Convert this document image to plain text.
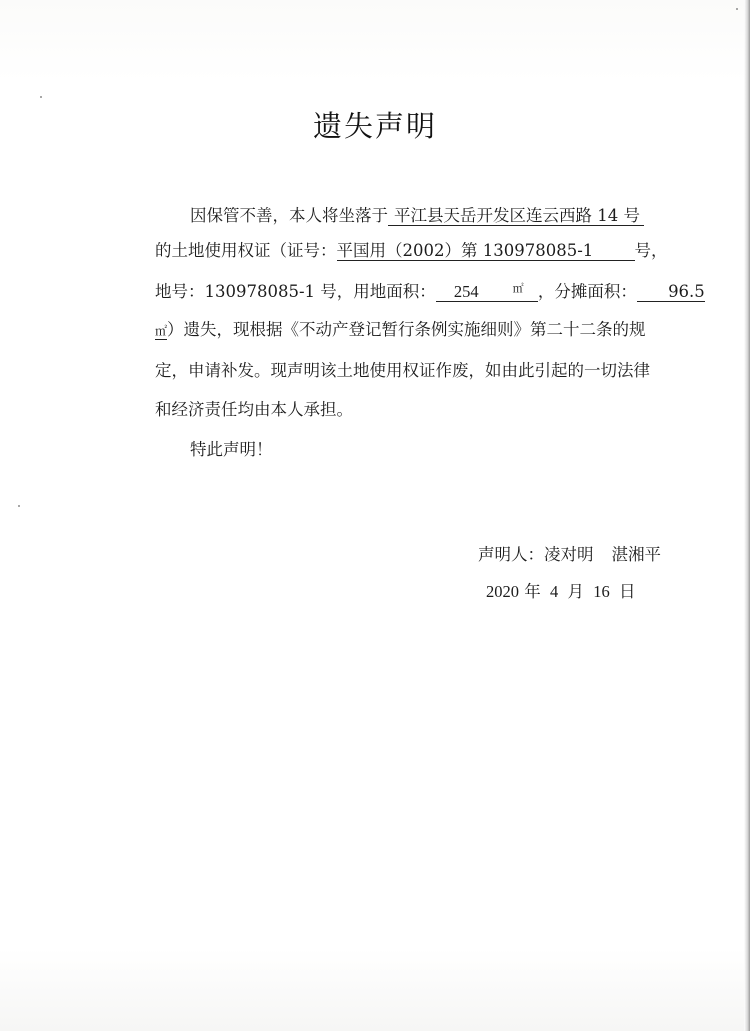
遗失声明
因保管不善，本人将坐落于 平江县天岳开发区连云西路 14 号
的土地使用权证（证号：平国用（2002）第 130978085-1 号，
地号：130978085-1 号，用地面积： 254	㎡ ，分摊面积： 96.5
㎡）遗失，现根据《不动产登记暂行条例实施细则》第二十二条的规
定，申请补发。现声明该土地使用权证作废，如由此引起的一切法律
和经济责任均由本人承担。
特此声明！
声明人：凌对明 湛湘平
2020 年 4 月 16 日
